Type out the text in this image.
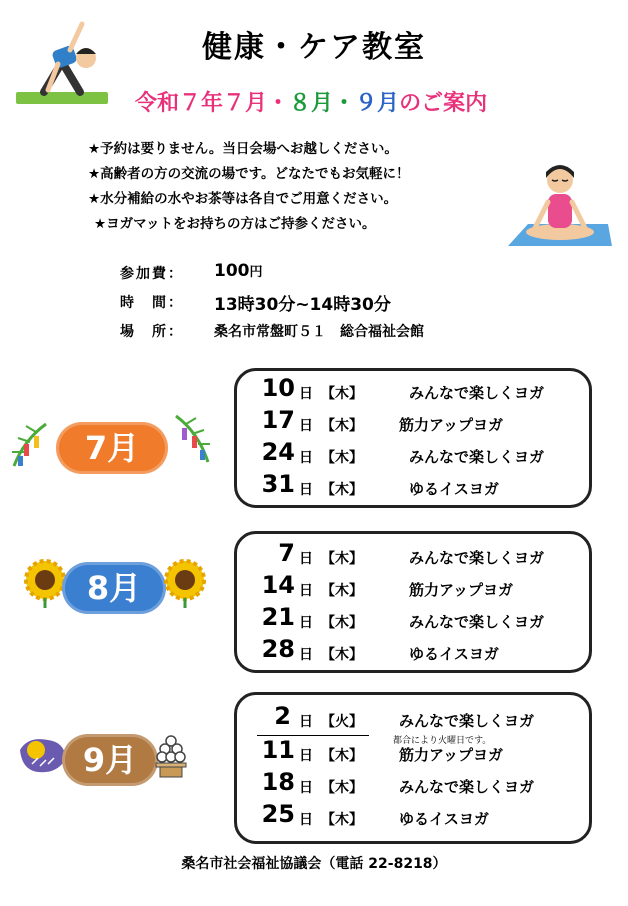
健康・ケア教室
令和７年７月・８月・９月のご案内
★予約は要りません。当日会場へお越しください。
★高齢者の方の交流の場です。どなたでもお気軽に！
★水分補給の水やお茶等は各自でご用意ください。
★ヨガマットをお持ちの方はご持参ください。
参加費： 100円
時　間： 13時30分~14時30分
場　所： 桑名市常盤町５１　総合福祉会館
7月
10 日 【木】	みんなで楽しくヨガ
17 日 【木】 筋力アップヨガ
24 日 【木】	みんなで楽しくヨガ
31 日 【木】	ゆるイスヨガ
8月
7 日 【木】	みんなで楽しくヨガ
14 日 【木】	筋力アップヨガ
21 日 【木】	みんなで楽しくヨガ
28 日 【木】	ゆるイスヨガ
9月
2 日 【火】 みんなで楽しくヨガ
都合により火曜日です。
11 日 【木】 筋力アップヨガ
18 日 【木】 みんなで楽しくヨガ
25 日 【木】 ゆるイスヨガ
桑名市社会福祉協議会（電話 22-8218）
